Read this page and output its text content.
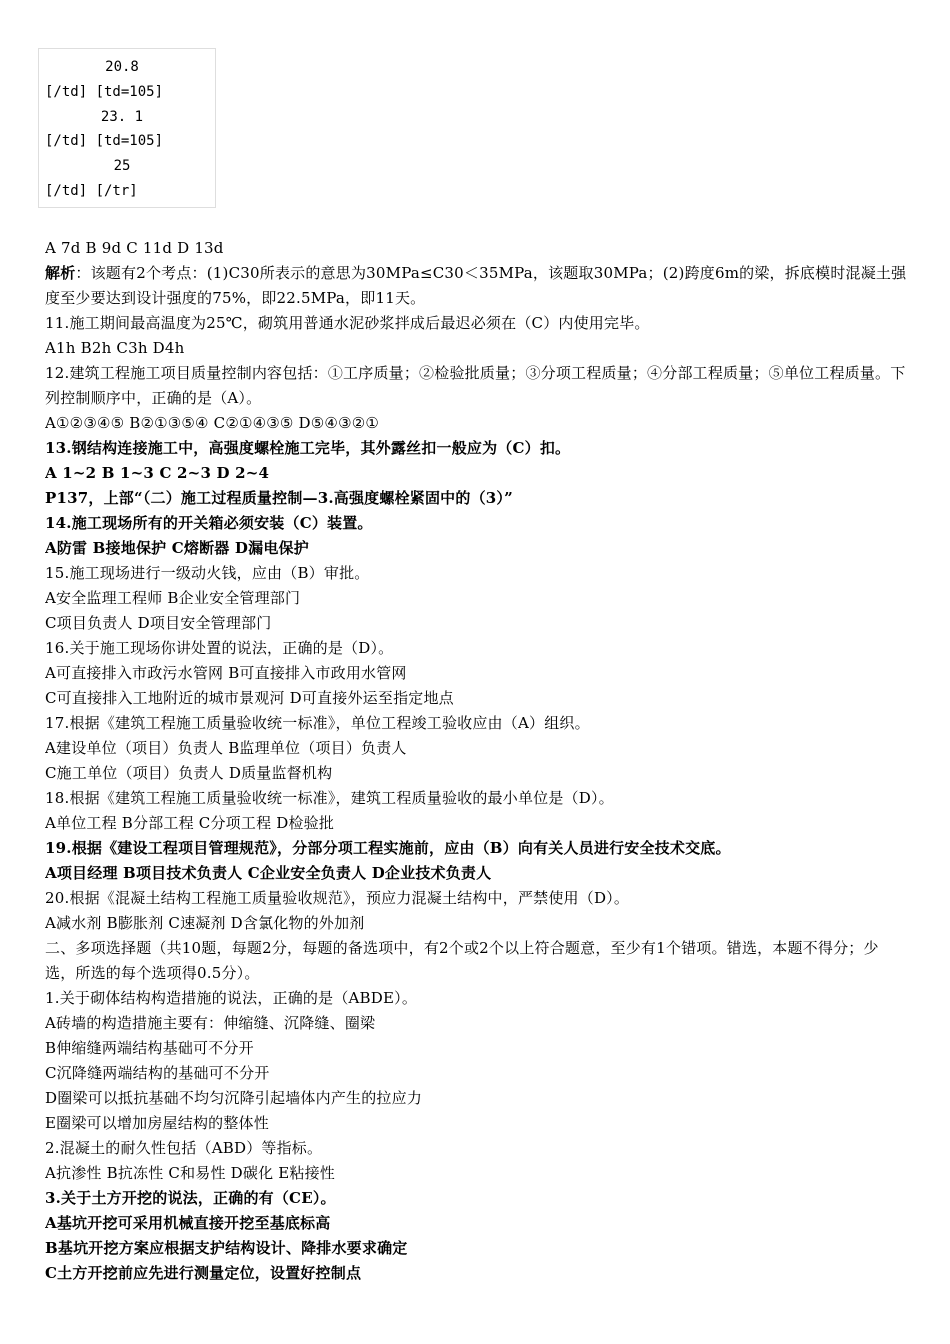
20.8
[/td] [td=105]
23. 1
[/td] [td=105]
25
[/td] [/tr]
A 7d B 9d C 11d D 13d
解析：该题有2个考点：(1)C30所表示的意思为30MPa≤C30＜35MPa，该题取30MPa；(2)跨度6m的梁，拆底模时混凝土强度至少要达到设计强度的75%，即22.5MPa，即11天。
11.施工期间最高温度为25℃，砌筑用普通水泥砂浆拌成后最迟必须在（C）内使用完毕。
A1h B2h C3h D4h
12.建筑工程施工项目质量控制内容包括：①工序质量；②检验批质量；③分项工程质量；④分部工程质量；⑤单位工程质量。下列控制顺序中，正确的是（A）。
A①②③④⑤ B②①③⑤④ C②①④③⑤ D⑤④③②①
13.钢结构连接施工中，高强度螺栓施工完毕，其外露丝扣一般应为（C）扣。
A 1~2 B 1~3 C 2~3 D 2~4
P137，上部“（二）施工过程质量控制—3.高强度螺栓紧固中的（3）”
14.施工现场所有的开关箱必须安装（C）装置。
A防雷 B接地保护 C熔断器 D漏电保护
15.施工现场进行一级动火钱，应由（B）审批。
A安全监理工程师 B企业安全管理部门
C项目负责人 D项目安全管理部门
16.关于施工现场你讲处置的说法，正确的是（D）。
A可直接排入市政污水管网 B可直接排入市政用水管网
C可直接排入工地附近的城市景观河 D可直接外运至指定地点
17.根据《建筑工程施工质量验收统一标准》，单位工程竣工验收应由（A）组织。
A建设单位（项目）负责人 B监理单位（项目）负责人
C施工单位（项目）负责人 D质量监督机构
18.根据《建筑工程施工质量验收统一标准》，建筑工程质量验收的最小单位是（D）。
A单位工程 B分部工程 C分项工程 D检验批
19.根据《建设工程项目管理规范》，分部分项工程实施前，应由（B）向有关人员进行安全技术交底。
A项目经理 B项目技术负责人 C企业安全负责人 D企业技术负责人
20.根据《混凝土结构工程施工质量验收规范》，预应力混凝土结构中，严禁使用（D）。
A减水剂 B膨胀剂 C速凝剂 D含氯化物的外加剂
二、多项选择题（共10题，每题2分，每题的备选项中，有2个或2个以上符合题意，至少有1个错项。错选，本题不得分；少选，所选的每个选项得0.5分）。
1.关于砌体结构构造措施的说法，正确的是（ABDE）。
A砖墙的构造措施主要有：伸缩缝、沉降缝、圈梁
B伸缩缝两端结构基础可不分开
C沉降缝两端结构的基础可不分开
D圈梁可以抵抗基础不均匀沉降引起墙体内产生的拉应力
E圈梁可以增加房屋结构的整体性
2.混凝土的耐久性包括（ABD）等指标。
A抗渗性 B抗冻性 C和易性 D碳化 E粘接性
3.关于土方开挖的说法，正确的有（CE）。
A基坑开挖可采用机械直接开挖至基底标高
B基坑开挖方案应根据支护结构设计、降排水要求确定
C土方开挖前应先进行测量定位，设置好控制点
